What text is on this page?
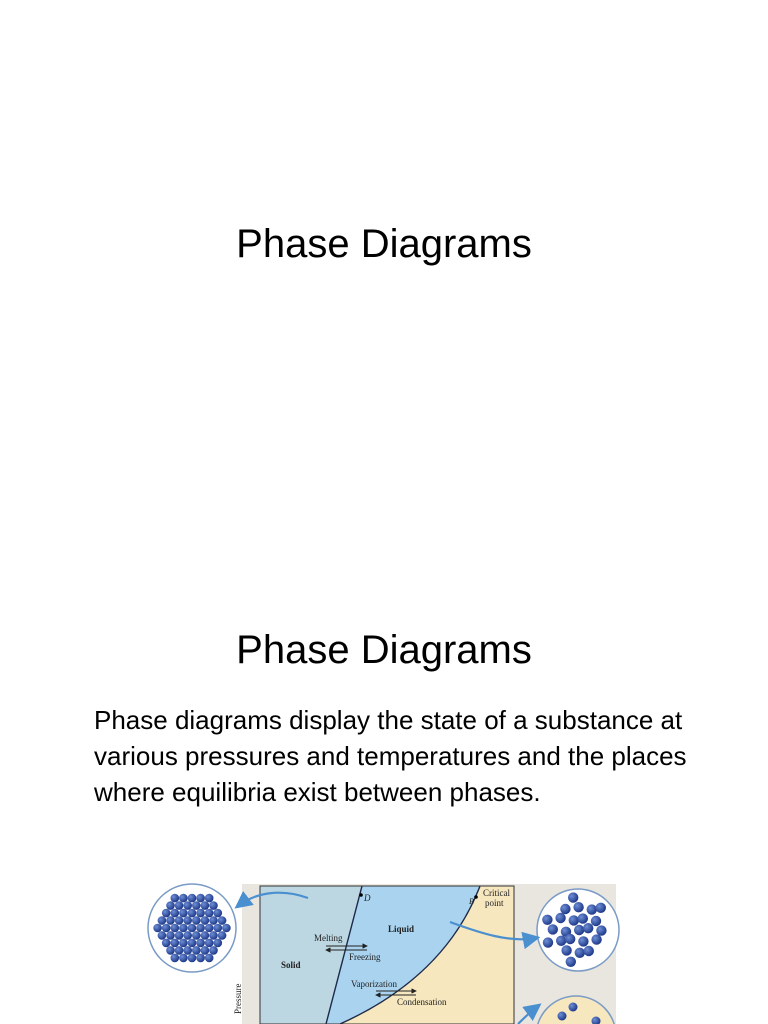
Phase Diagrams
Phase Diagrams

Phase diagrams display the state of a substance at various pressures and temperatures and the places where equilibria exist between phases.

D	B
Critical
point
Liquid
Solid
Melting
Freezing
Vaporization
Condensation
Pressure
